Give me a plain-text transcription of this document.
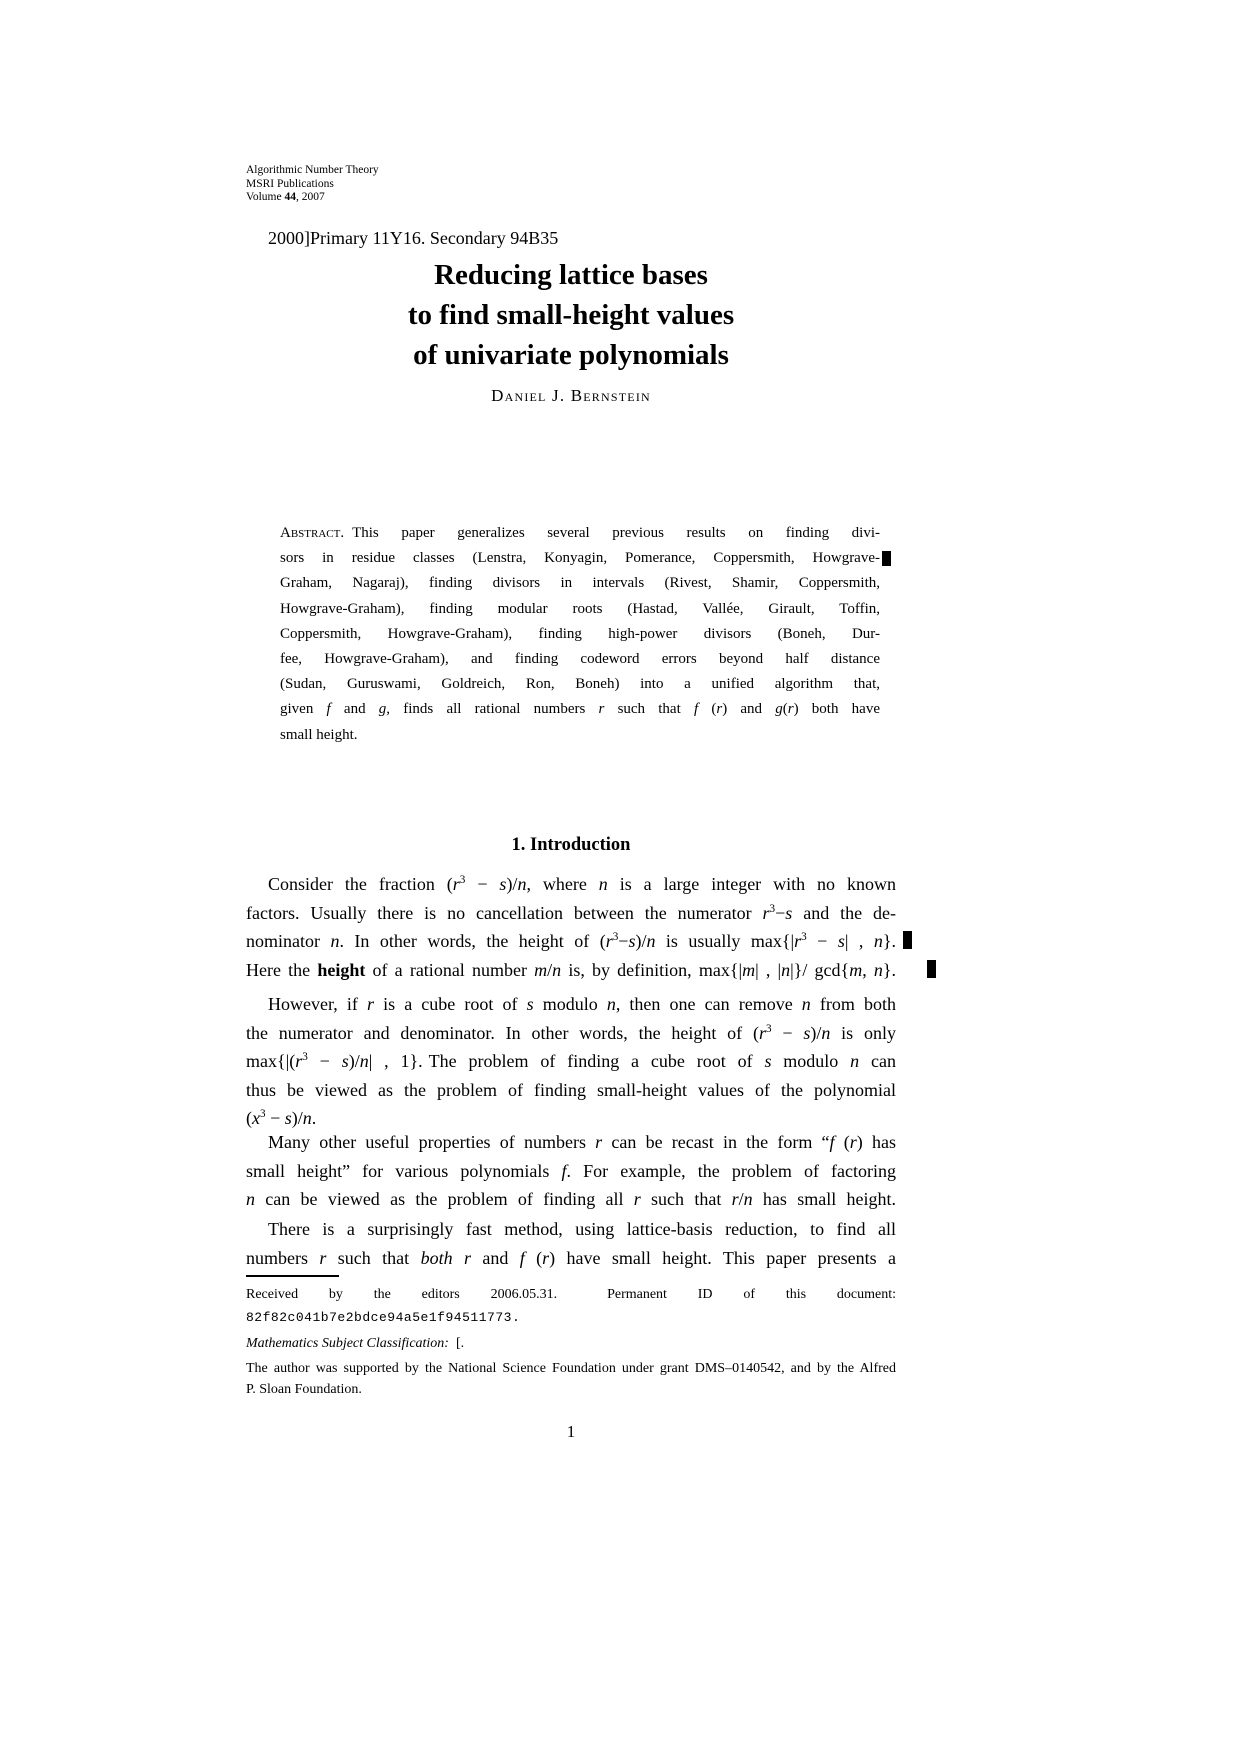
Algorithmic Number Theory
MSRI Publications
Volume 44, 2007
2000]Primary 11Y16. Secondary 94B35
Reducing lattice bases
to find small-height values
of univariate polynomials
Daniel J. Bernstein
Abstract. This paper generalizes several previous results on finding divi-
sors in residue classes (Lenstra, Konyagin, Pomerance, Coppersmith, Howgrave-
Graham, Nagaraj), finding divisors in intervals (Rivest, Shamir, Coppersmith,
Howgrave-Graham), finding modular roots (Hastad, Vallée, Girault, Toffin,
Coppersmith, Howgrave-Graham), finding high-power divisors (Boneh, Dur-
fee, Howgrave-Graham), and finding codeword errors beyond half distance
(Sudan, Guruswami, Goldreich, Ron, Boneh) into a unified algorithm that,
given f and g, finds all rational numbers r such that f (r) and g(r) both have
small height.
1. Introduction
Consider the fraction $(r^3 - s)/n$, where n is a large integer with no known
factors. Usually there is no cancellation between the numerator $r^3-s$ and the de-
nominator n. In other words, the height of $(r^3-s)/n$ is usually $\max\{|r^3 - s|$ , n}.
Here the height of a rational number m/n is, by definition, max{|m| , |n|}/ gcd{m, n}.
However, if r is a cube root of s modulo n, then one can remove n from both
the numerator and denominator. In other words, the height of $(r^3 - s)/n$ is only
$\max\{|(r^3 - s)/n|$ , 1}. The problem of finding a cube root of s modulo n can
thus be viewed as the problem of finding small-height values of the polynomial
$(x^3 - s)/n$.
Many other useful properties of numbers r can be recast in the form “f (r) has
small height” for various polynomials f. For example, the problem of factoring
n can be viewed as the problem of finding all r such that r/n has small height.
There is a surprisingly fast method, using lattice-basis reduction, to find all
numbers r such that both r and f (r) have small height. This paper presents a
Received by the editors 2006.05.31.	Permanent ID of this document:
82f82c041b7e2bdce94a5e1f94511773.
Mathematics Subject Classification: [.
The author was supported by the National Science Foundation under grant DMS–0140542, and by the Alfred
P. Sloan Foundation.
1
